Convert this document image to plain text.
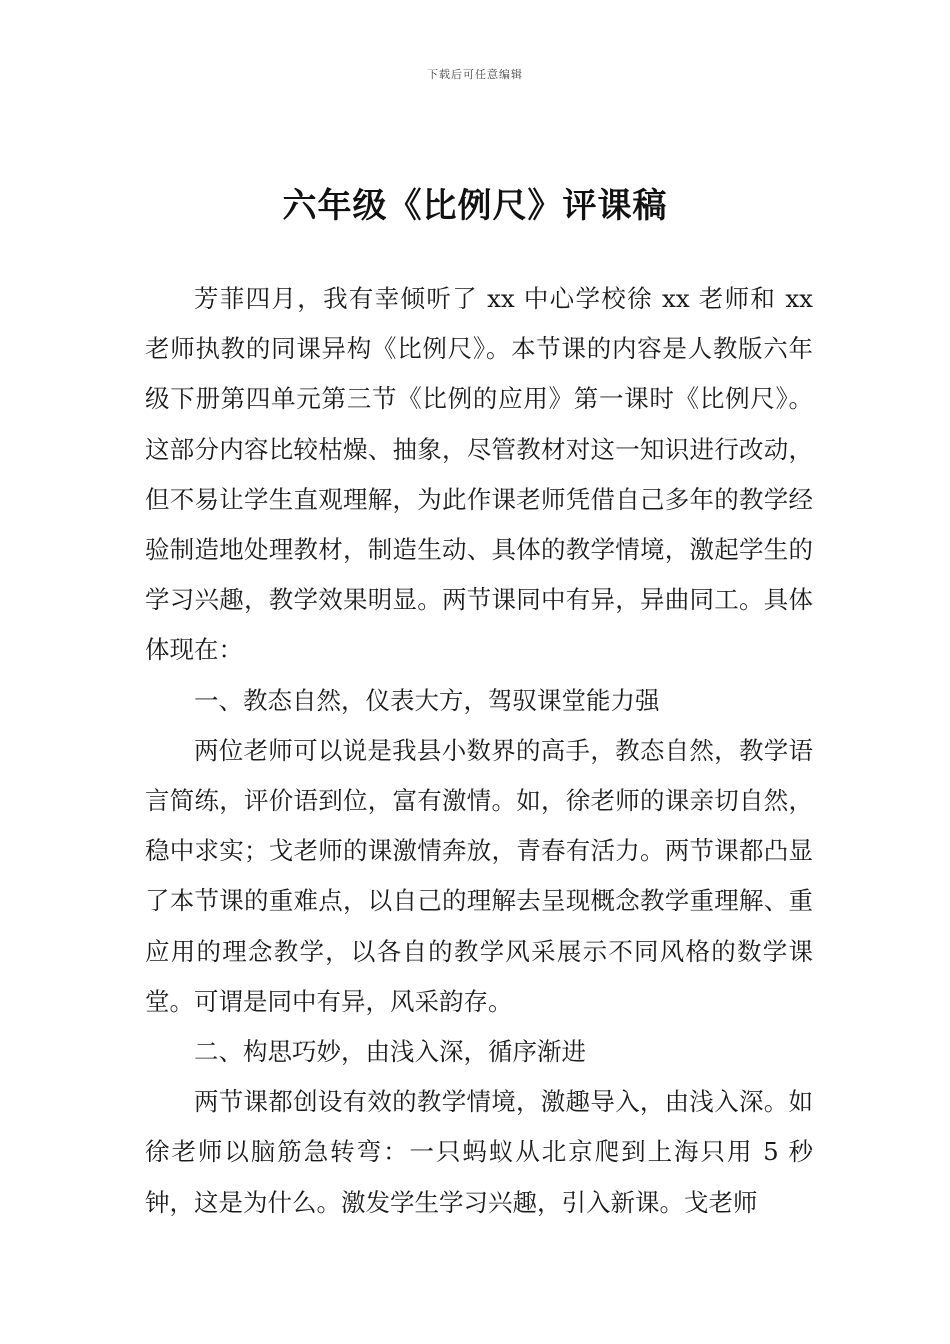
下载后可任意编辑
六年级《比例尺》评课稿

芳菲四月，我有幸倾听了 xx 中心学校徐 xx 老师和 xx 老师执教的同课异构《比例尺》。本节课的内容是人教版六年级下册第四单元第三节《比例的应用》第一课时《比例尺》。这部分内容比较枯燥、抽象，尽管教材对这一知识进行改动，但不易让学生直观理解，为此作课老师凭借自己多年的教学经验制造地处理教材，制造生动、具体的教学情境，激起学生的学习兴趣，教学效果明显。两节课同中有异，异曲同工。具体体现在：

一、教态自然，仪表大方，驾驭课堂能力强

两位老师可以说是我县小数界的高手，教态自然，教学语言简练，评价语到位，富有激情。如，徐老师的课亲切自然，稳中求实；戈老师的课激情奔放，青春有活力。两节课都凸显了本节课的重难点，以自己的理解去呈现概念教学重理解、重应用的理念教学，以各自的教学风采展示不同风格的数学课堂。可谓是同中有异，风采韵存。

二、构思巧妙，由浅入深，循序渐进

两节课都创设有效的教学情境，激趣导入，由浅入深。如徐老师以脑筋急转弯：一只蚂蚁从北京爬到上海只用 5 秒钟，这是为什么。激发学生学习兴趣，引入新课。戈老师
